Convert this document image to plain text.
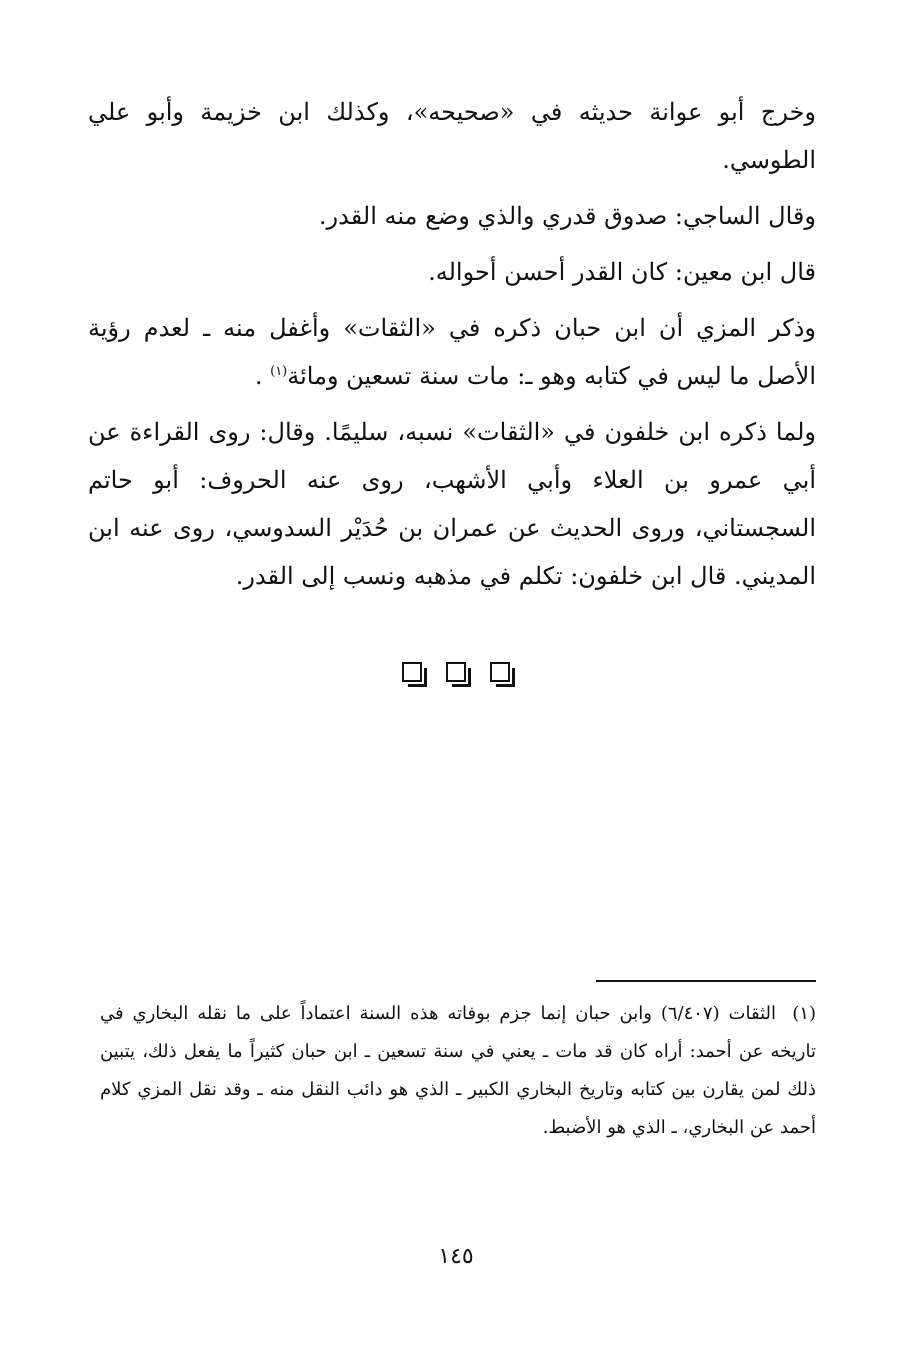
وخرج أبو عوانة حديثه في «صحيحه»، وكذلك ابن خزيمة وأبو علي الطوسي.

وقال الساجي: صدوق قدري والذي وضع منه القدر.

قال ابن معين: كان القدر أحسن أحواله.

وذكر المزي أن ابن حبان ذكره في «الثقات» وأغفل منه ـ لعدم رؤية الأصل ما ليس في كتابه وهو ـ: مات سنة تسعين ومائة$^{(١)}$ .

ولما ذكره ابن خلفون في «الثقات» نسبه، سليمًا. وقال: روى القراءة عن أبي عمرو بن العلاء وأبي الأشهب، روى عنه الحروف: أبو حاتم السجستاني، وروى الحديث عن عمران بن حُدَيْر السدوسي، روى عنه ابن المديني. قال ابن خلفون: تكلم في مذهبه ونسب إلى القدر.

(١)الثقات (٦/٤٠٧) وابن حبان إنما جزم بوفاته هذه السنة اعتماداً على ما نقله البخاري في تاريخه عن أحمد: أراه كان قد مات ـ يعني في سنة تسعين ـ ابن حبان كثيراً ما يفعل ذلك، يتبين ذلك لمن يقارن بين كتابه وتاريخ البخاري الكبير ـ الذي هو دائب النقل منه ـ وقد نقل المزي كلام أحمد عن البخاري، ـ الذي هو الأضبط.
١٤٥
